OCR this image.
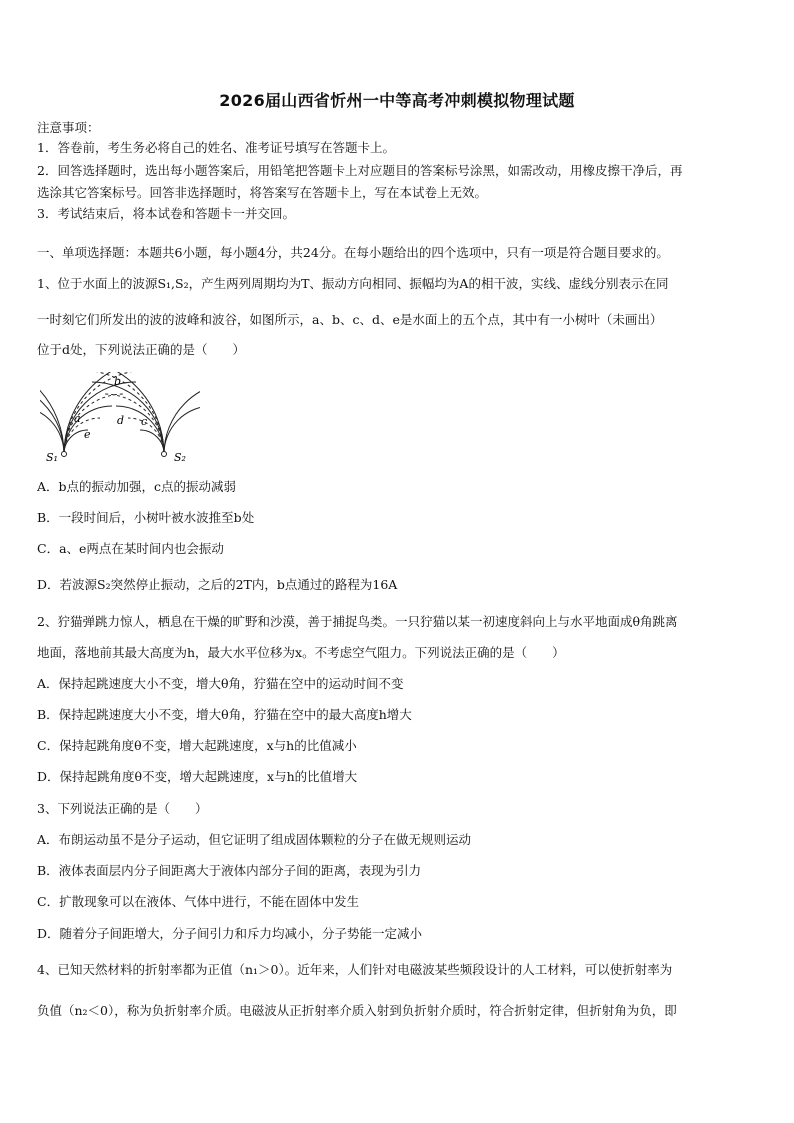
2026届山西省忻州一中等高考冲刺模拟物理试题
注意事项：
1．答卷前，考生务必将自己的姓名、准考证号填写在答题卡上。
2．回答选择题时，选出每小题答案后，用铅笔把答题卡上对应题目的答案标号涂黑，如需改动，用橡皮擦干净后，再
选涂其它答案标号。回答非选择题时，将答案写在答题卡上，写在本试卷上无效。
3．考试结束后，将本试卷和答题卡一并交回。
一、单项选择题：本题共6小题，每小题4分，共24分。在每小题给出的四个选项中，只有一项是符合题目要求的。
1、位于水面上的波源S₁,S₂，产生两列周期均为T、振动方向相同、振幅均为A的相干波，实线、虚线分别表示在同
一时刻它们所发出的波的波峰和波谷，如图所示，a、b、c、d、e是水面上的五个点，其中有一小树叶（未画出）
位于d处，下列说法正确的是（　　）
b
a	d c
e
S₁	S₂
A．b点的振动加强，c点的振动减弱
B．一段时间后，小树叶被水波推至b处
C．a、e两点在某时间内也会振动
D．若波源S₂突然停止振动，之后的2T内，b点通过的路程为16A
2、狞猫弹跳力惊人，栖息在干燥的旷野和沙漠，善于捕捉鸟类。一只狞猫以某一初速度斜向上与水平地面成θ角跳离
地面，落地前其最大高度为h，最大水平位移为x。不考虑空气阻力。下列说法正确的是（　　）
A．保持起跳速度大小不变，增大θ角，狞猫在空中的运动时间不变
B．保持起跳速度大小不变，增大θ角，狞猫在空中的最大高度h增大
C．保持起跳角度θ不变，增大起跳速度，x与h的比值减小
D．保持起跳角度θ不变，增大起跳速度，x与h的比值增大
3、下列说法正确的是（　　）
A．布朗运动虽不是分子运动，但它证明了组成固体颗粒的分子在做无规则运动
B．液体表面层内分子间距离大于液体内部分子间的距离，表现为引力
C．扩散现象可以在液体、气体中进行，不能在固体中发生
D．随着分子间距增大，分子间引力和斥力均减小，分子势能一定减小
4、已知天然材料的折射率都为正值（n₁＞0）。近年来，人们针对电磁波某些频段设计的人工材料，可以使折射率为
负值（n₂＜0），称为负折射率介质。电磁波从正折射率介质入射到负折射介质时，符合折射定律，但折射角为负，即
